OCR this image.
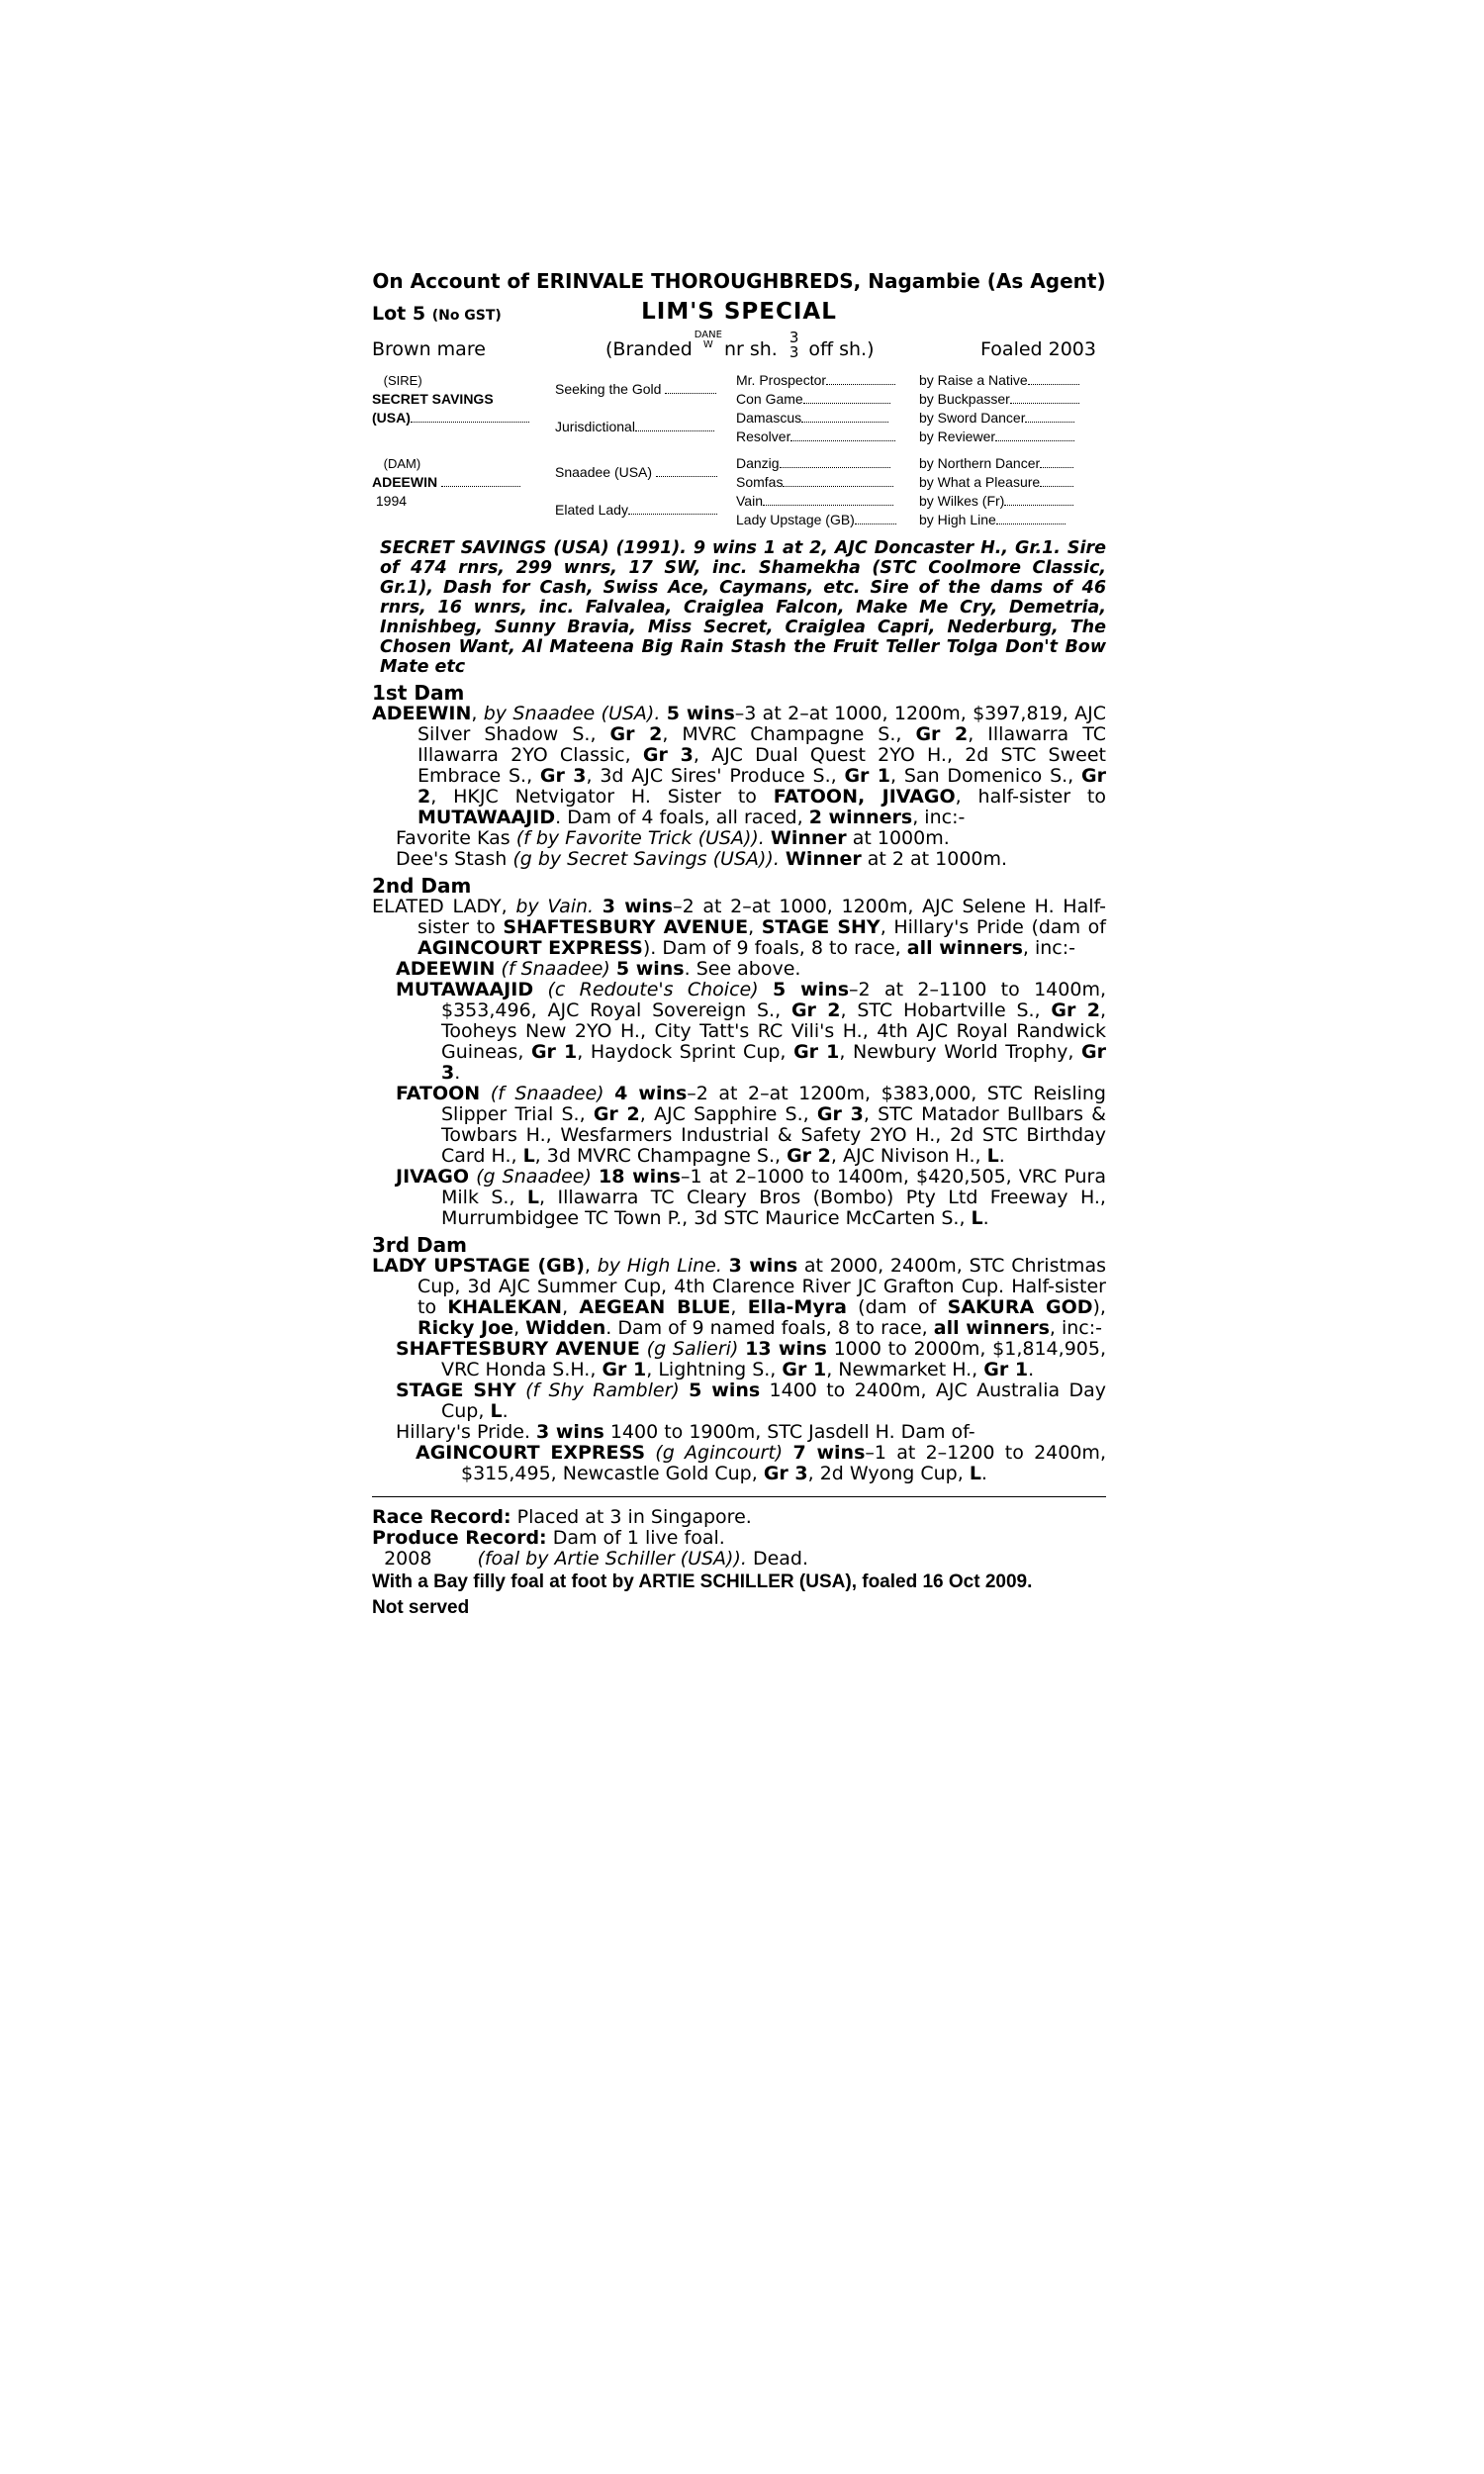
On Account of ERINVALE THOROUGHBREDS, Nagambie (As Agent)
Lot 5 (No GST)	LIM'S SPECIAL
Brown mare	(BrandedDANE
W nr sh.3
3 off sh.)	Foaled 2003
(SIRE)	Seeking the Gold	Mr. Prospector	by Raise a Native
SECRET SAVINGS		Con Game	by Buckpasser
(USA)	Jurisdictional	Damascus	by Sword Dancer
		Resolver	by Reviewer

(DAM)	Snaadee (USA)	Danzig	by Northern Dancer
ADEEWIN		Somfas	by What a Pleasure
1994	Elated Lady	Vain	by Wilkes (Fr)
		Lady Upstage (GB)	by High Line
SECRET SAVINGS (USA) (1991). 9 wins 1 at 2, AJC Doncaster H., Gr.1. Sire of 474 rnrs, 299 wnrs, 17 SW, inc. Shamekha (STC Coolmore Classic, Gr.1), Dash for Cash, Swiss Ace, Caymans, etc. Sire of the dams of 46 rnrs, 16 wnrs, inc. Falvalea, Craiglea Falcon, Make Me Cry, Demetria, Innishbeg, Sunny Bravia, Miss Secret, Craiglea Capri, Nederburg, The Chosen Want, Al Mateena Big Rain Stash the Fruit Teller Tolga Don't Bow Mate etc
1st Dam

ADEEWIN, by Snaadee (USA). 5 wins–3 at 2–at 1000, 1200m, $397,819, AJC Silver Shadow S., Gr 2, MVRC Champagne S., Gr 2, Illawarra TC Illawarra 2YO Classic, Gr 3, AJC Dual Quest 2YO H., 2d STC Sweet Embrace S., Gr 3, 3d AJC Sires' Produce S., Gr 1, San Domenico S., Gr 2, HKJC Netvigator H. Sister to FATOON, JIVAGO, half-sister to MUTAWAAJID. Dam of 4 foals, all raced, 2 winners, inc:-

Favorite Kas (f by Favorite Trick (USA)). Winner at 1000m.

Dee's Stash (g by Secret Savings (USA)). Winner at 2 at 1000m.

2nd Dam

ELATED LADY, by Vain. 3 wins–2 at 2–at 1000, 1200m, AJC Selene H. Half-sister to SHAFTESBURY AVENUE, STAGE SHY, Hillary's Pride (dam of AGINCOURT EXPRESS). Dam of 9 foals, 8 to race, all winners, inc:-

ADEEWIN (f Snaadee) 5 wins. See above.

MUTAWAAJID (c Redoute's Choice) 5 wins–2 at 2–1100 to 1400m, $353,496, AJC Royal Sovereign S., Gr 2, STC Hobartville S., Gr 2, Tooheys New 2YO H., City Tatt's RC Vili's H., 4th AJC Royal Randwick Guineas, Gr 1, Haydock Sprint Cup, Gr 1, Newbury World Trophy, Gr 3.

FATOON (f Snaadee) 4 wins–2 at 2–at 1200m, $383,000, STC Reisling Slipper Trial S., Gr 2, AJC Sapphire S., Gr 3, STC Matador Bullbars & Towbars H., Wesfarmers Industrial & Safety 2YO H., 2d STC Birthday Card H., L, 3d MVRC Champagne S., Gr 2, AJC Nivison H., L.

JIVAGO (g Snaadee) 18 wins–1 at 2–1000 to 1400m, $420,505, VRC Pura Milk S., L, Illawarra TC Cleary Bros (Bombo) Pty Ltd Freeway H., Murrumbidgee TC Town P., 3d STC Maurice McCarten S., L.

3rd Dam

LADY UPSTAGE (GB), by High Line. 3 wins at 2000, 2400m, STC Christmas Cup, 3d AJC Summer Cup, 4th Clarence River JC Grafton Cup. Half-sister to KHALEKAN, AEGEAN BLUE, Ella-Myra (dam of SAKURA GOD), Ricky Joe, Widden. Dam of 9 named foals, 8 to race, all winners, inc:-

SHAFTESBURY AVENUE (g Salieri) 13 wins 1000 to 2000m, $1,814,905, VRC Honda S.H., Gr 1, Lightning S., Gr 1, Newmarket H., Gr 1.

STAGE SHY (f Shy Rambler) 5 wins 1400 to 2400m, AJC Australia Day Cup, L.

Hillary's Pride. 3 wins 1400 to 1900m, STC Jasdell H. Dam of-

AGINCOURT EXPRESS (g Agincourt) 7 wins–1 at 2–1200 to 2400m, $315,495, Newcastle Gold Cup, Gr 3, 2d Wyong Cup, L.

Race Record: Placed at 3 in Singapore.
Produce Record: Dam of 1 live foal.
2008 (foal by Artie Schiller (USA)). Dead.
With a Bay filly foal at foot by ARTIE SCHILLER (USA), foaled 16 Oct 2009.
Not served
